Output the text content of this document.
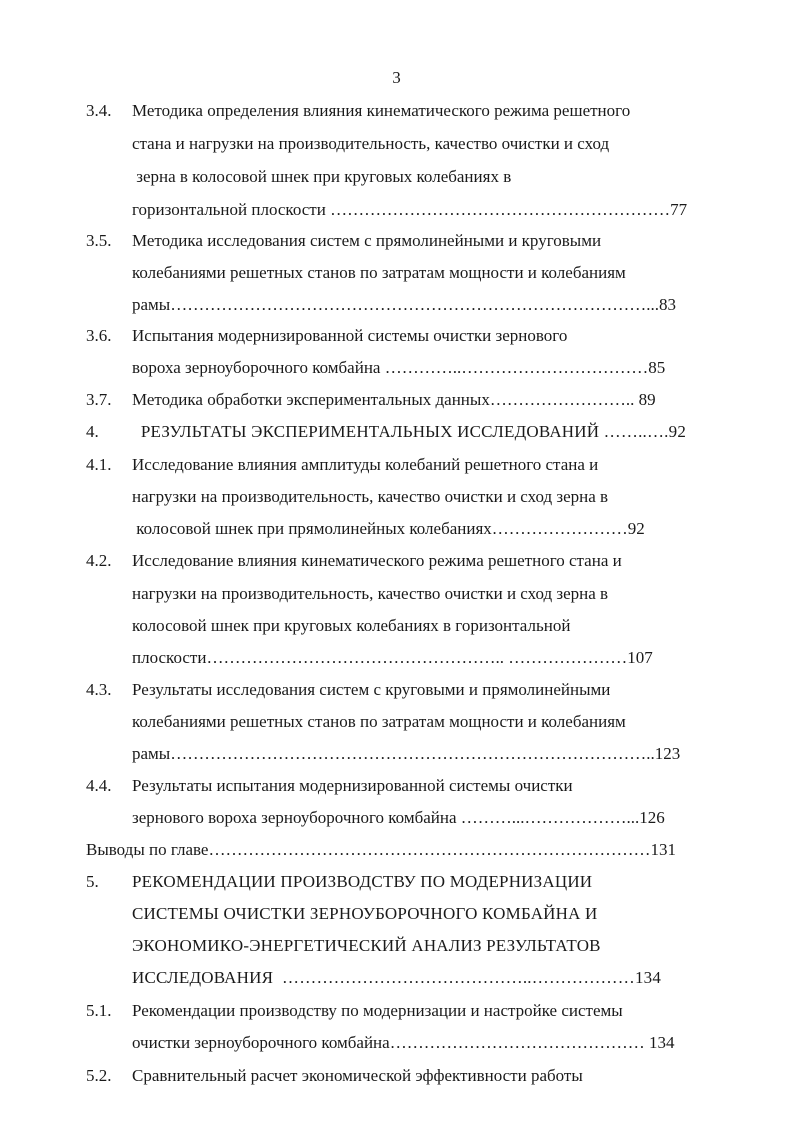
3
3.4. Методика определения влияния кинематического режима решетного
стана и нагрузки на производительность, качество очистки и сход
зерна в колосовой шнек при круговых колебаниях в
горизонтальной плоскости ……………………………………………………77
3.5. Методика исследования систем с прямолинейными и круговыми
колебаниями решетных станов по затратам мощности и колебаниям
рамы…………………………………………………………………………...83
3.6. Испытания модернизированной системы очистки зернового
вороха зерноуборочного комбайна …………..……………………………85
3.7. Методика обработки экспериментальных данных…………………….. 89
4. РЕЗУЛЬТАТЫ ЭКСПЕРИМЕНТАЛЬНЫХ ИССЛЕДОВАНИЙ ……..….92
4.1. Исследование влияния амплитуды колебаний решетного стана и
нагрузки на производительность, качество очистки и сход зерна в
колосовой шнек при прямолинейных колебаниях……………………92
4.2. Исследование влияния кинематического режима решетного стана и
нагрузки на производительность, качество очистки и сход зерна в
колосовой шнек при круговых колебаниях в горизонтальной
плоскости…………………………………………….. …………………107
4.3. Результаты исследования систем с круговыми и прямолинейными
колебаниями решетных станов по затратам мощности и колебаниям
рамы…………………………………………………………………………..123
4.4. Результаты испытания модернизированной системы очистки
зернового вороха зерноуборочного комбайна ………...………………...126
Выводы по главе……………………………………………………………………131
5. РЕКОМЕНДАЦИИ ПРОИЗВОДСТВУ ПО МОДЕРНИЗАЦИИ
СИСТЕМЫ ОЧИСТКИ ЗЕРНОУБОРОЧНОГО КОМБАЙНА И
ЭКОНОМИКО-ЭНЕРГЕТИЧЕСКИЙ АНАЛИЗ РЕЗУЛЬТАТОВ
ИССЛЕДОВАНИЯ  ……………………………………..………………134
5.1. Рекомендации производству по модернизации и настройке системы
очистки зерноуборочного комбайна……………………………………… 134
5.2. Сравнительный расчет экономической эффективности работы
